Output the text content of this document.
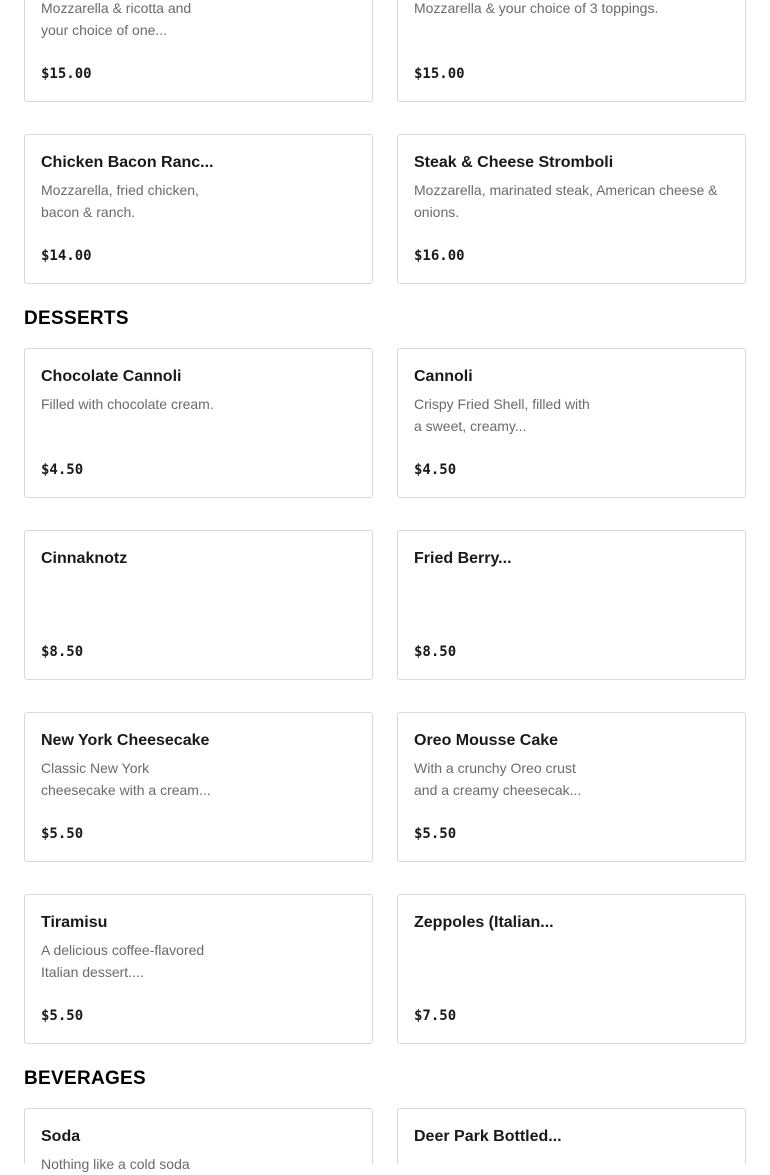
Mozzarella & ricotta and your choice of one...
$15.00
Mozzarella & your choice of 3 toppings.
$15.00
Chicken Bacon Ranc...
Mozzarella, fried chicken, bacon & ranch.
$14.00
Steak & Cheese Stromboli
Mozzarella, marinated steak, American cheese & onions.
$16.00
DESSERTS
Chocolate Cannoli
Filled with chocolate cream.
$4.50
Cannoli
Crispy Fried Shell, filled with a sweet, creamy...
$4.50
Cinnaknotz
$8.50
Fried Berry...
$8.50
New York Cheesecake
Classic New York cheesecake with a cream...
$5.50
Oreo Mousse Cake
With a crunchy Oreo crust and a creamy cheesecak...
$5.50
Tiramisu
A delicious coffee-flavored Italian dessert....
$5.50
Zeppoles (Italian...
$7.50
BEVERAGES
Soda
Nothing like a cold soda
Deer Park Bottled...
